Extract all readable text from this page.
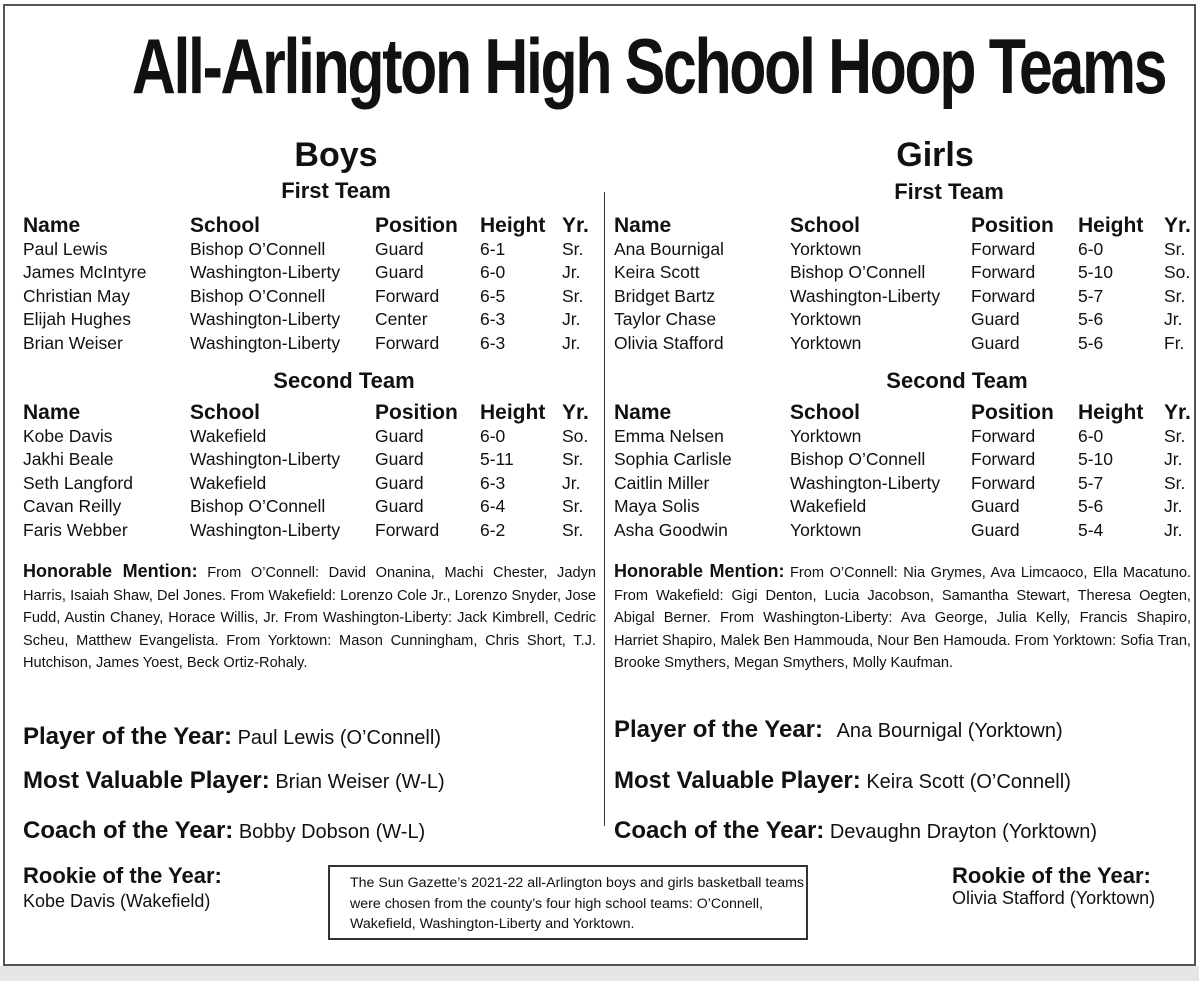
All-Arlington High School Hoop Teams
Boys
First Team
Name	School	Position	Height	Yr.
Paul Lewis	Bishop O’Connell	Guard	6-1	Sr.
James McIntyre	Washington-Liberty	Guard	6-0	Jr.
Christian May	Bishop O’Connell	Forward	6-5	Sr.
Elijah Hughes	Washington-Liberty	Center	6-3	Jr.
Brian Weiser	Washington-Liberty	Forward	6-3	Jr.
Second Team
Name	School	Position	Height	Yr.
Kobe Davis	Wakefield	Guard	6-0	So.
Jakhi Beale	Washington-Liberty	Guard	5-11	Sr.
Seth Langford	Wakefield	Guard	6-3	Jr.
Cavan Reilly	Bishop O’Connell	Guard	6-4	Sr.
Faris Webber	Washington-Liberty	Forward	6-2	Sr.
Honorable Mention: From O’Connell: David Onanina, Machi Chester, Jadyn Harris, Isaiah Shaw, Del Jones. From Wakefield: Lorenzo Cole Jr., Lorenzo Snyder, Jose Fudd, Austin Chaney, Horace Willis, Jr. From Washington-Liberty: Jack Kimbrell, Cedric Scheu, Matthew Evangelista. From Yorktown: Mason Cunningham, Chris Short, T.J. Hutchison, James Yoest, Beck Ortiz-Rohaly.
Player of the Year: Paul Lewis (O’Connell)
Most Valuable Player: Brian Weiser (W-L)
Coach of the Year: Bobby Dobson (W-L)
Rookie of the Year:
Kobe Davis (Wakefield)
Girls
First Team
Name	School	Position	Height	Yr.
Ana Bournigal	Yorktown	Forward	6-0	Sr.
Keira Scott	Bishop O’Connell	Forward	5-10	So.
Bridget Bartz	Washington-Liberty	Forward	5-7	Sr.
Taylor Chase	Yorktown	Guard	5-6	Jr.
Olivia Stafford	Yorktown	Guard	5-6	Fr.
Second Team
Name	School	Position	Height	Yr.
Emma Nelsen	Yorktown	Forward	6-0	Sr.
Sophia Carlisle	Bishop O’Connell	Forward	5-10	Jr.
Caitlin Miller	Washington-Liberty	Forward	5-7	Sr.
Maya Solis	Wakefield	Guard	5-6	Jr.
Asha Goodwin	Yorktown	Guard	5-4	Jr.
Honorable Mention: From O’Connell: Nia Grymes, Ava Limcaoco, Ella Macatuno. From Wakefield: Gigi Denton, Lucia Jacobson, Samantha Stewart, Theresa Oegten, Abigal Berner. From Washington-Liberty: Ava George, Julia Kelly, Francis Shapiro, Harriet Shapiro, Malek Ben Hammouda, Nour Ben Hamouda. From Yorktown: Sofia Tran, Brooke Smythers, Megan Smythers, Molly Kaufman.
Player of the Year: Ana Bournigal (Yorktown)
Most Valuable Player: Keira Scott (O’Connell)
Coach of the Year: Devaughn Drayton (Yorktown)
Rookie of the Year:
Olivia Stafford (Yorktown)
The Sun Gazette’s 2021-22 all-Arlington boys and girls basketball teams were chosen from the county’s four high school teams: O’Connell, Wakefield, Washington-Liberty and Yorktown.
